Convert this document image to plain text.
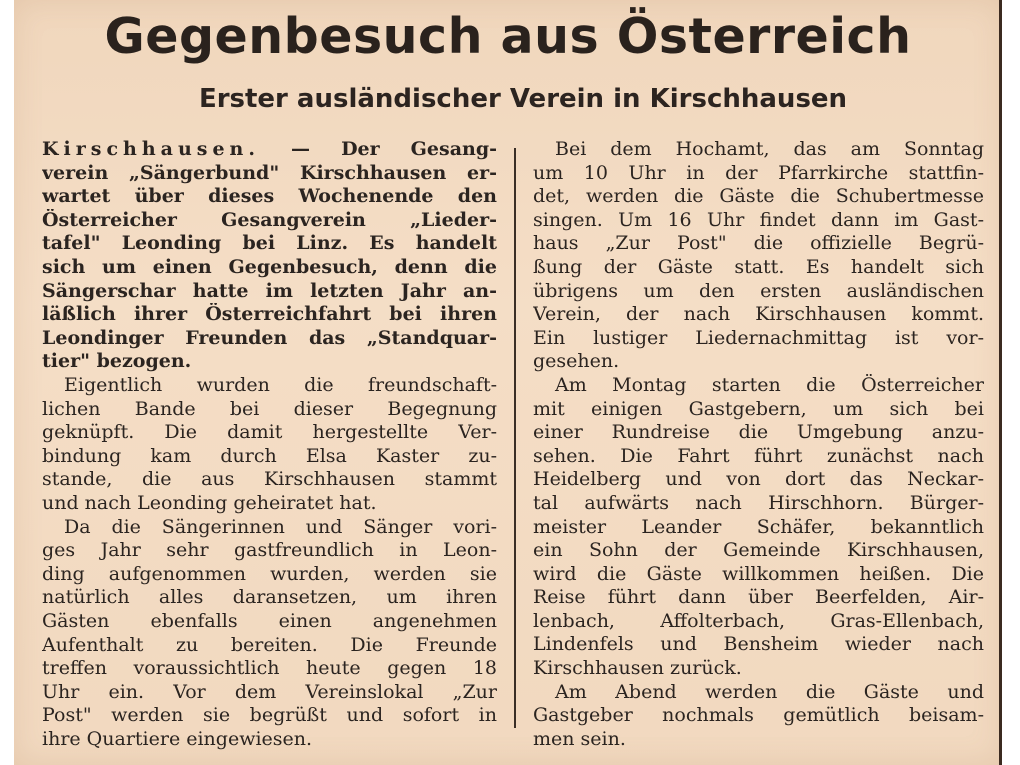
Gegenbesuch aus Österreich
Erster ausländischer Verein in Kirschhausen
Kirschhausen. — Der Gesang-
verein „Sängerbund" Kirschhausen er-
wartet über dieses Wochenende den
Österreicher Gesangverein „Lieder-
tafel" Leonding bei Linz. Es handelt
sich um einen Gegenbesuch, denn die
Sängerschar hatte im letzten Jahr an-
läßlich ihrer Österreichfahrt bei ihren
Leondinger Freunden das „Standquar-
tier" bezogen.
Eigentlich wurden die freundschaft-
lichen Bande bei dieser Begegnung
geknüpft. Die damit hergestellte Ver-
bindung kam durch Elsa Kaster zu-
stande, die aus Kirschhausen stammt
und nach Leonding geheiratet hat.
Da die Sängerinnen und Sänger vori-
ges Jahr sehr gastfreundlich in Leon-
ding aufgenommen wurden, werden sie
natürlich alles daransetzen, um ihren
Gästen ebenfalls einen angenehmen
Aufenthalt zu bereiten. Die Freunde
treffen voraussichtlich heute gegen 18
Uhr ein. Vor dem Vereinslokal „Zur
Post" werden sie begrüßt und sofort in
ihre Quartiere eingewiesen.
Bei dem Hochamt, das am Sonntag
um 10 Uhr in der Pfarrkirche stattfin-
det, werden die Gäste die Schubertmesse
singen. Um 16 Uhr findet dann im Gast-
haus „Zur Post" die offizielle Begrü-
ßung der Gäste statt. Es handelt sich
übrigens um den ersten ausländischen
Verein, der nach Kirschhausen kommt.
Ein lustiger Liedernachmittag ist vor-
gesehen.
Am Montag starten die Österreicher
mit einigen Gastgebern, um sich bei
einer Rundreise die Umgebung anzu-
sehen. Die Fahrt führt zunächst nach
Heidelberg und von dort das Neckar-
tal aufwärts nach Hirschhorn. Bürger-
meister Leander Schäfer, bekanntlich
ein Sohn der Gemeinde Kirschhausen,
wird die Gäste willkommen heißen. Die
Reise führt dann über Beerfelden, Air-
lenbach, Affolterbach, Gras-Ellenbach,
Lindenfels und Bensheim wieder nach
Kirschhausen zurück.
Am Abend werden die Gäste und
Gastgeber nochmals gemütlich beisam-
men sein.
